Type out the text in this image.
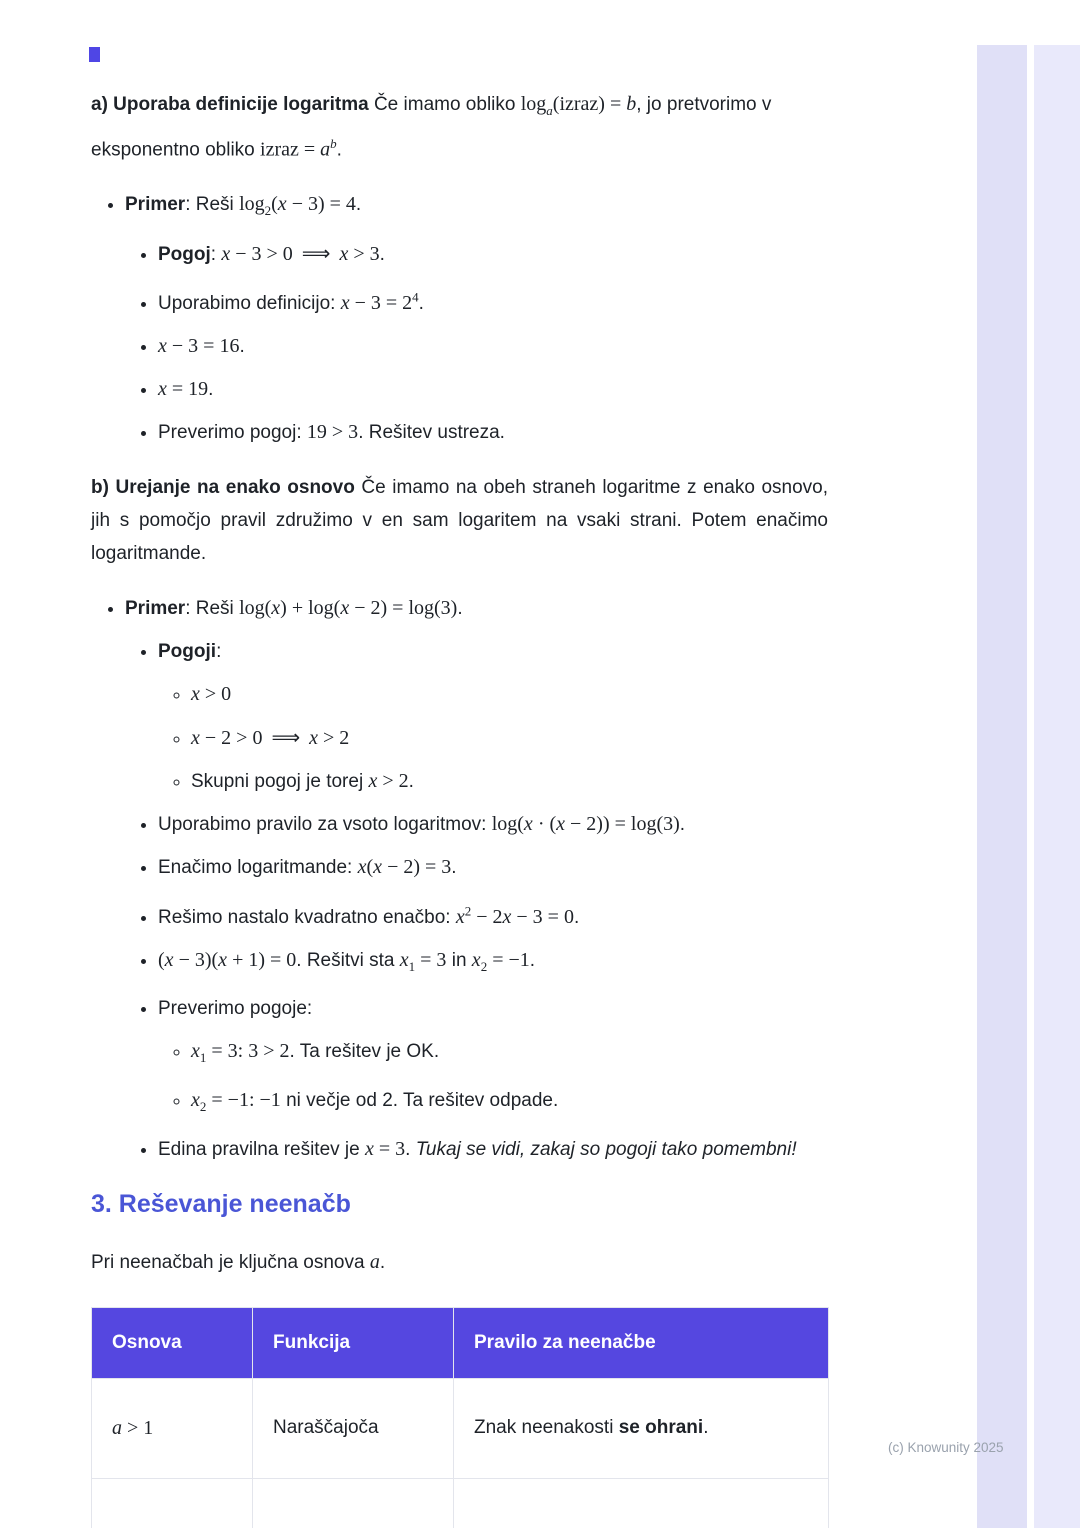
a) Uporaba definicije logaritma Če imamo obliko $\log_a(izraz) = b$, jo pretvorimo v eksponentno obliko izraz = $a^b$.

• Primer: Reši $\log_2(x - 3) = 4$.
• Pogoj: x − 3 > 0 ⟹ x > 3.
• Uporabimo definicijo: $x - 3 = 2^4$.
• x − 3 = 16.
• x = 19.
• Preverimo pogoj: 19 > 3. Rešitev ustreza.

b) Urejanje na enako osnovo Če imamo na obeh straneh logaritme z enako osnovo, jih s pomočjo pravil združimo v en sam logaritem na vsaki strani. Potem enačimo logaritmande.

• Primer: Reši log(x) + log(x − 2) = log(3).
• Pogoji:
◦ x > 0
◦ x − 2 > 0 ⟹ x > 2
◦ Skupni pogoj je torej x > 2.
• Uporabimo pravilo za vsoto logaritmov: log(x · (x − 2)) = log(3).
• Enačimo logaritmande: x(x − 2) = 3.
• Rešimo nastalo kvadratno enačbo: $x^2 - 2x - 3 = 0$.
• (x − 3)(x + 1) = 0. Rešitvi sta $x_1 = 3$ in $x_2 = -1$.
• Preverimo pogoje:
◦ $x_1 = 3$: 3 > 2. Ta rešitev je OK.
◦ $x_2 = -1$: −1 ni večje od 2. Ta rešitev odpade.
• Edina pravilna rešitev je x = 3. Tukaj se vidi, zakaj so pogoji tako pomembni!
3. Reševanje neenačb

Pri neenačbah je ključna osnova a.

Osnova	Funkcija	Pravilo za neenačbe
a > 1	Naraščajoča	Znak neenakosti se ohrani.

(c) Knowunity 2025
